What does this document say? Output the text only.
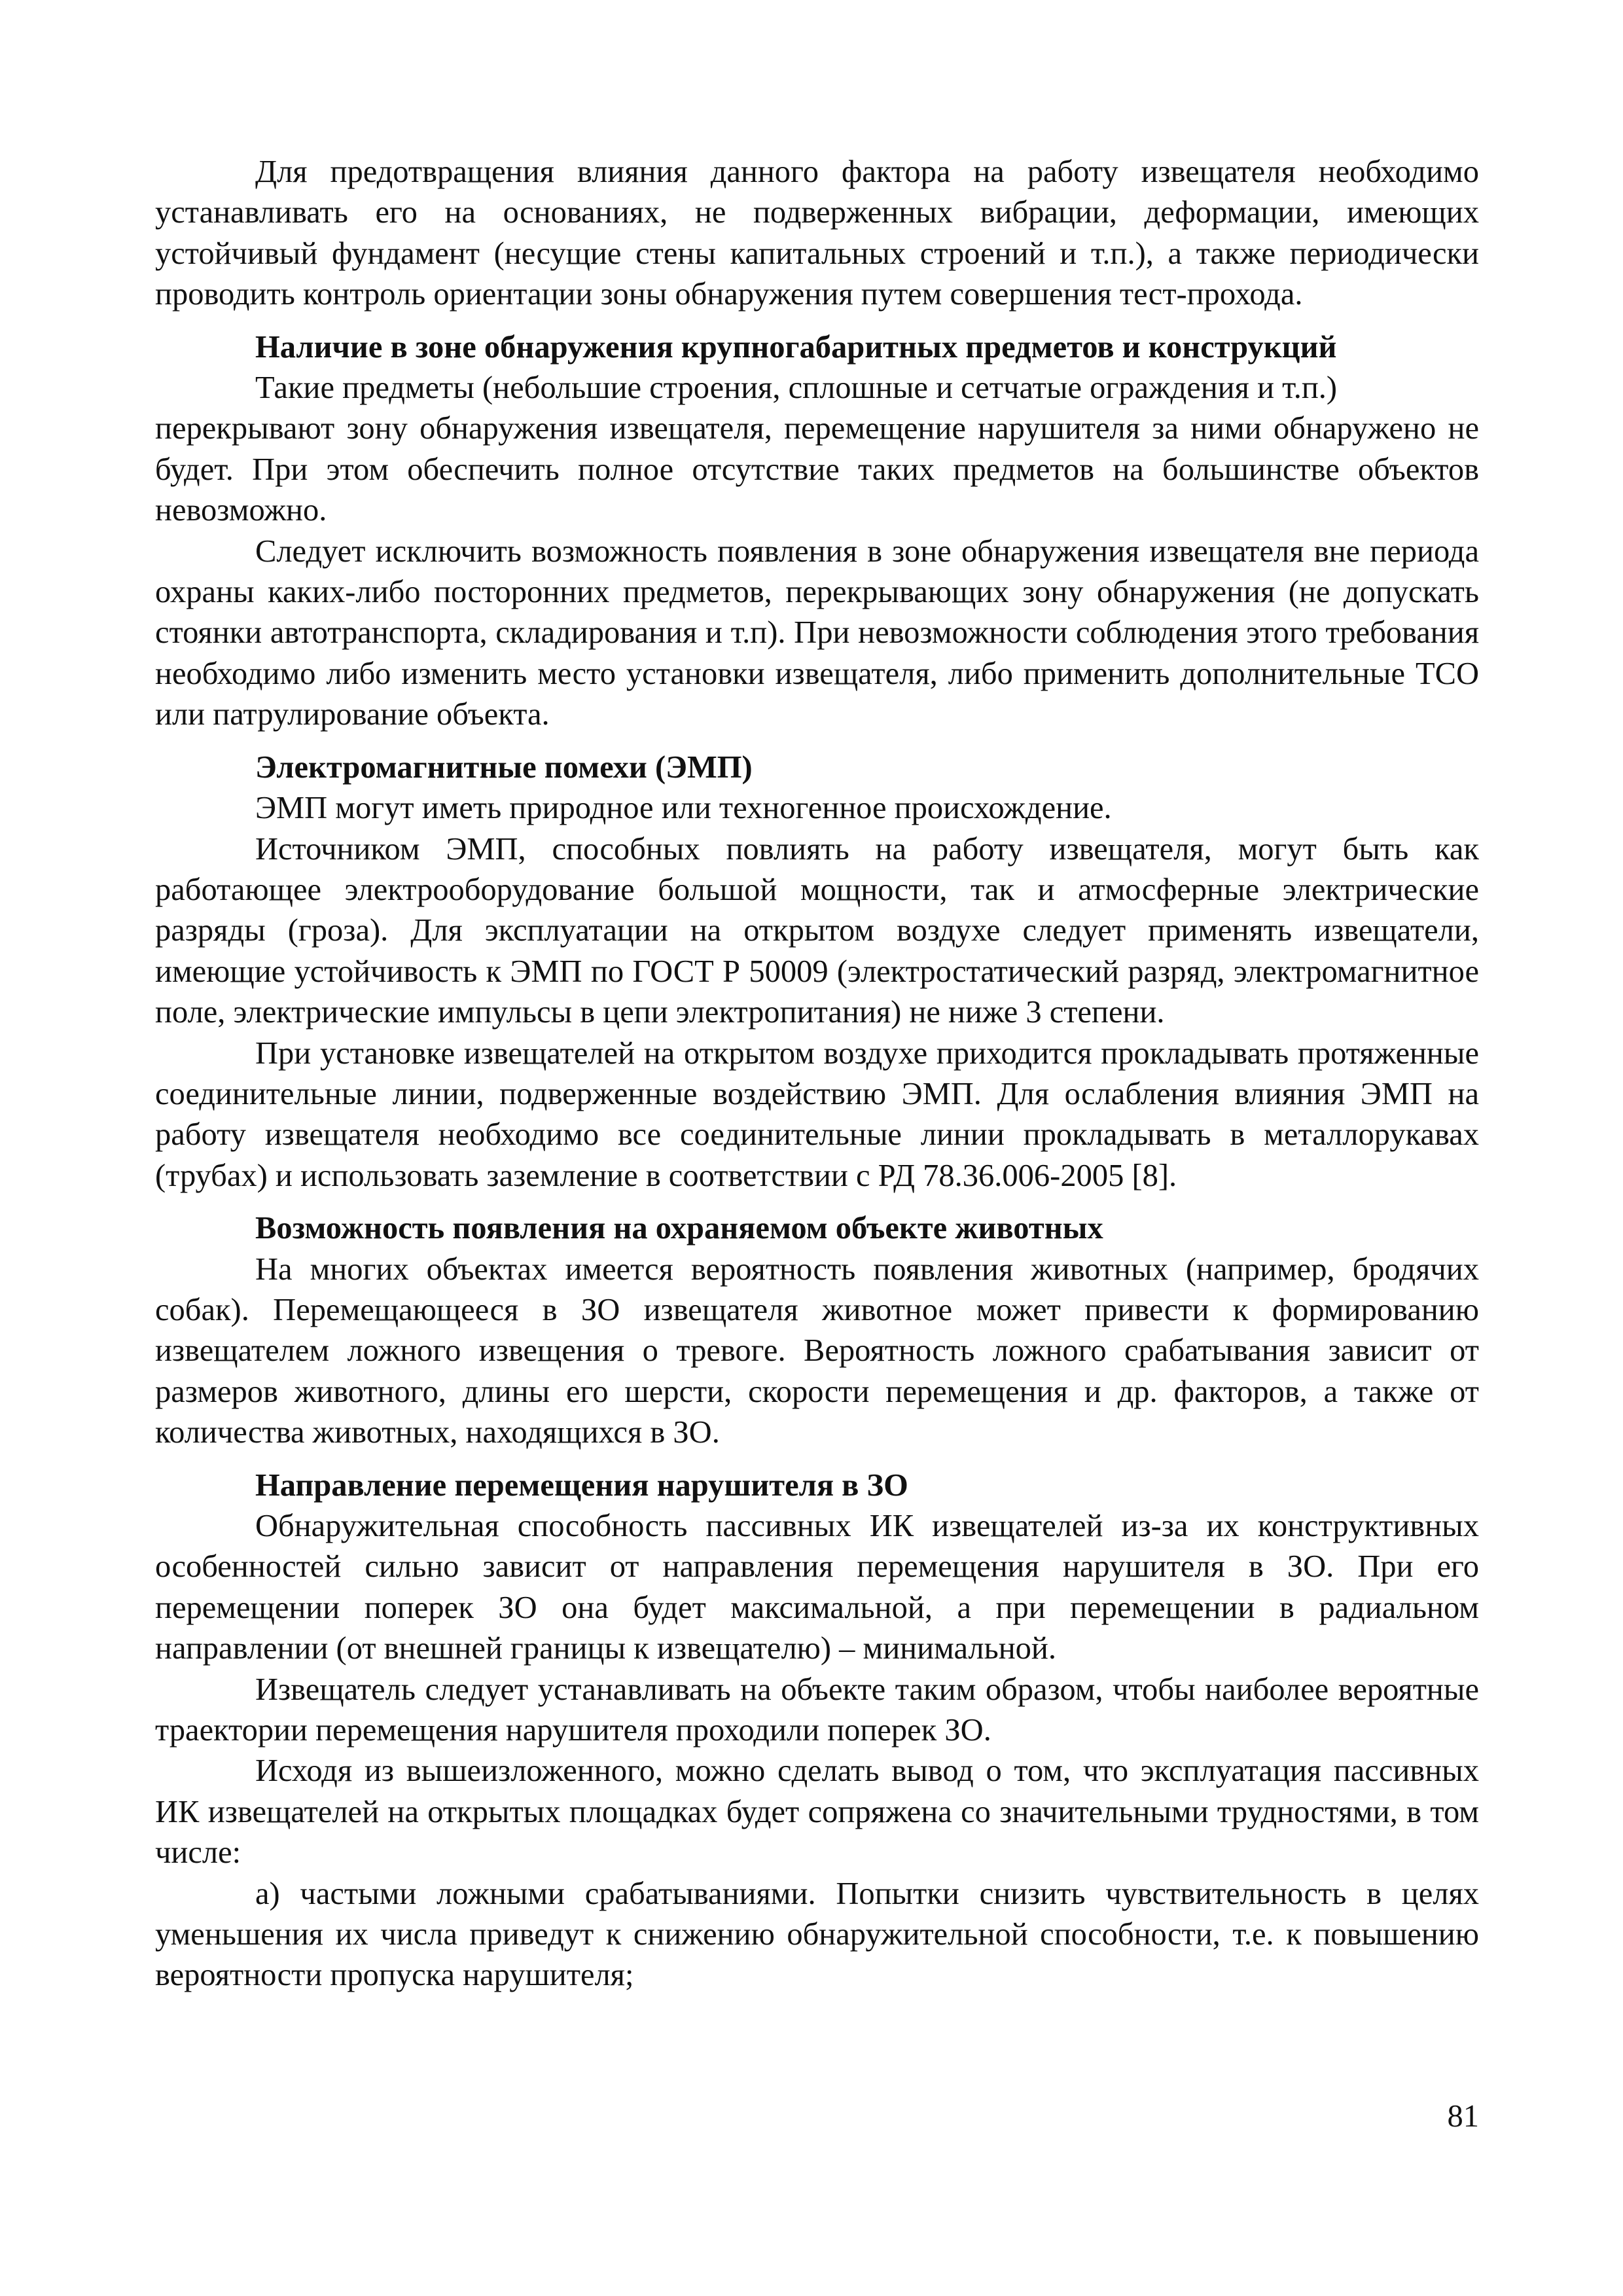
Для предотвращения влияния данного фактора на работу извещателя необходимо устанавливать его на основаниях, не подверженных вибрации, деформации, имеющих устойчивый фундамент (несущие стены капитальных строений и т.п.), а также периодически проводить контроль ориентации зоны обнаружения путем совершения тест-прохода.

Наличие в зоне обнаружения крупногабаритных предметов и конструкций

Такие предметы (небольшие строения, сплошные и сетчатые ограждения и т.п.)

перекрывают зону обнаружения извещателя, перемещение нарушителя за ними обнаружено не будет. При этом обеспечить полное отсутствие таких предметов на большинстве объектов невозможно.

Следует исключить возможность появления в зоне обнаружения извещателя вне периода охраны каких-либо посторонних предметов, перекрывающих зону обнаружения (не допускать стоянки автотранспорта, складирования и т.п). При невозможности соблюдения этого требования необходимо либо изменить место установки извещателя, либо применить дополнительные ТСО или патрулирование объекта.

Электромагнитные помехи (ЭМП)

ЭМП могут иметь природное или техногенное происхождение.

Источником ЭМП, способных повлиять на работу извещателя, могут быть как работающее электрооборудование большой мощности, так и атмосферные электрические разряды (гроза). Для эксплуатации на открытом воздухе следует применять извещатели, имеющие устойчивость к ЭМП по ГОСТ Р 50009 (электростатический разряд, электромагнитное поле, электрические импульсы в цепи электропитания) не ниже 3 степени.

При установке извещателей на открытом воздухе приходится прокладывать протяженные соединительные линии, подверженные воздействию ЭМП. Для ослабления влияния ЭМП на работу извещателя необходимо все соединительные линии прокладывать в металлорукавах (трубах) и использовать заземление в соответствии с РД 78.36.006-2005 [8].

Возможность появления на охраняемом объекте животных

На многих объектах имеется вероятность появления животных (например, бродячих собак). Перемещающееся в ЗО извещателя животное может привести к формированию извещателем ложного извещения о тревоге. Вероятность ложного срабатывания зависит от размеров животного, длины его шерсти, скорости перемещения и др. факторов, а также от количества животных, находящихся в ЗО.

Направление перемещения нарушителя в ЗО

Обнаружительная способность пассивных ИК извещателей из-за их конструктивных особенностей сильно зависит от направления перемещения нарушителя в ЗО. При его перемещении поперек ЗО она будет максимальной, а при перемещении в радиальном направлении (от внешней границы к извещателю) – минимальной.

Извещатель следует устанавливать на объекте таким образом, чтобы наиболее вероятные траектории перемещения нарушителя проходили поперек ЗО.

Исходя из вышеизложенного, можно сделать вывод о том, что эксплуатация пассивных ИК извещателей на открытых площадках будет сопряжена со значительными трудностями, в том числе:

а) частыми ложными срабатываниями. Попытки снизить чувствительность в целях уменьшения их числа приведут к снижению обнаружительной способности, т.е. к повышению вероятности пропуска нарушителя;

81
